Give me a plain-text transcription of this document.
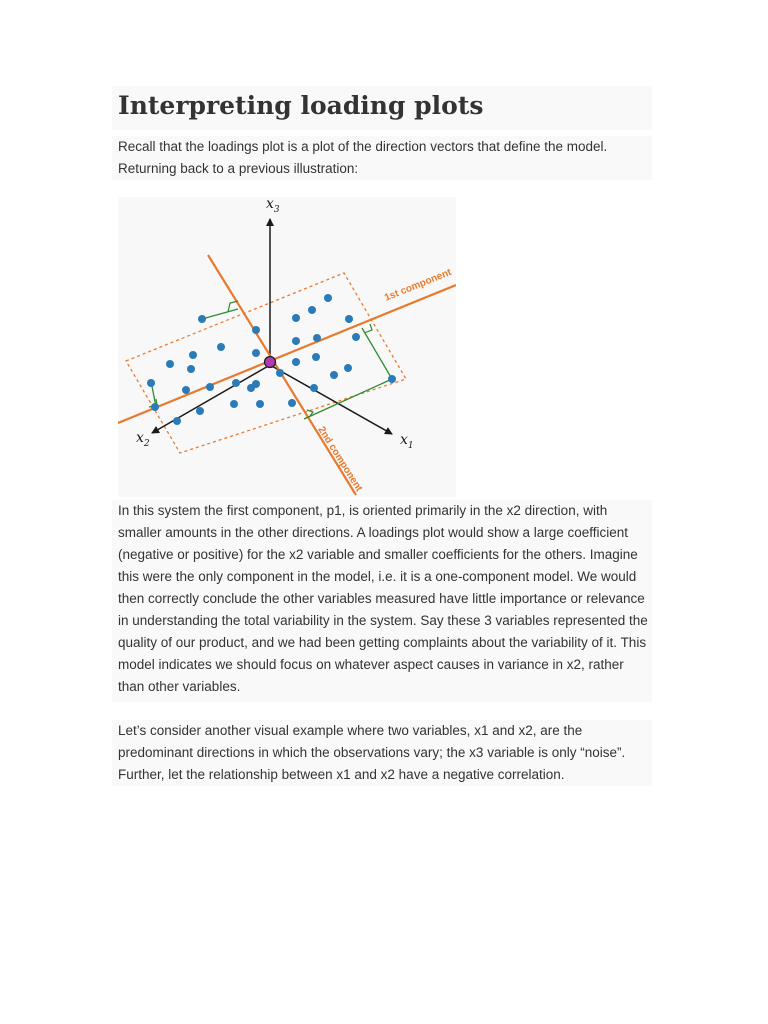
Interpreting loading plots

Recall that the loadings plot is a plot of the direction vectors that define the model. Returning back to a previous illustration:

$x_3$
$x_2$	$x_1$
1st component
2nd component

In this system the first component, p1, is oriented primarily in the x2 direction, with smaller amounts in the other directions. A loadings plot would show a large coefficient (negative or positive) for the x2 variable and smaller coefficients for the others. Imagine this were the only component in the model, i.e. it is a one-component model. We would then correctly conclude the other variables measured have little importance or relevance in understanding the total variability in the system. Say these 3 variables represented the quality of our product, and we had been getting complaints about the variability of it. This model indicates we should focus on whatever aspect causes in variance in x2, rather than other variables.

Let’s consider another visual example where two variables, x1 and x2, are the predominant directions in which the observations vary; the x3 variable is only “noise”. Further, let the relationship between x1 and x2 have a negative correlation.
